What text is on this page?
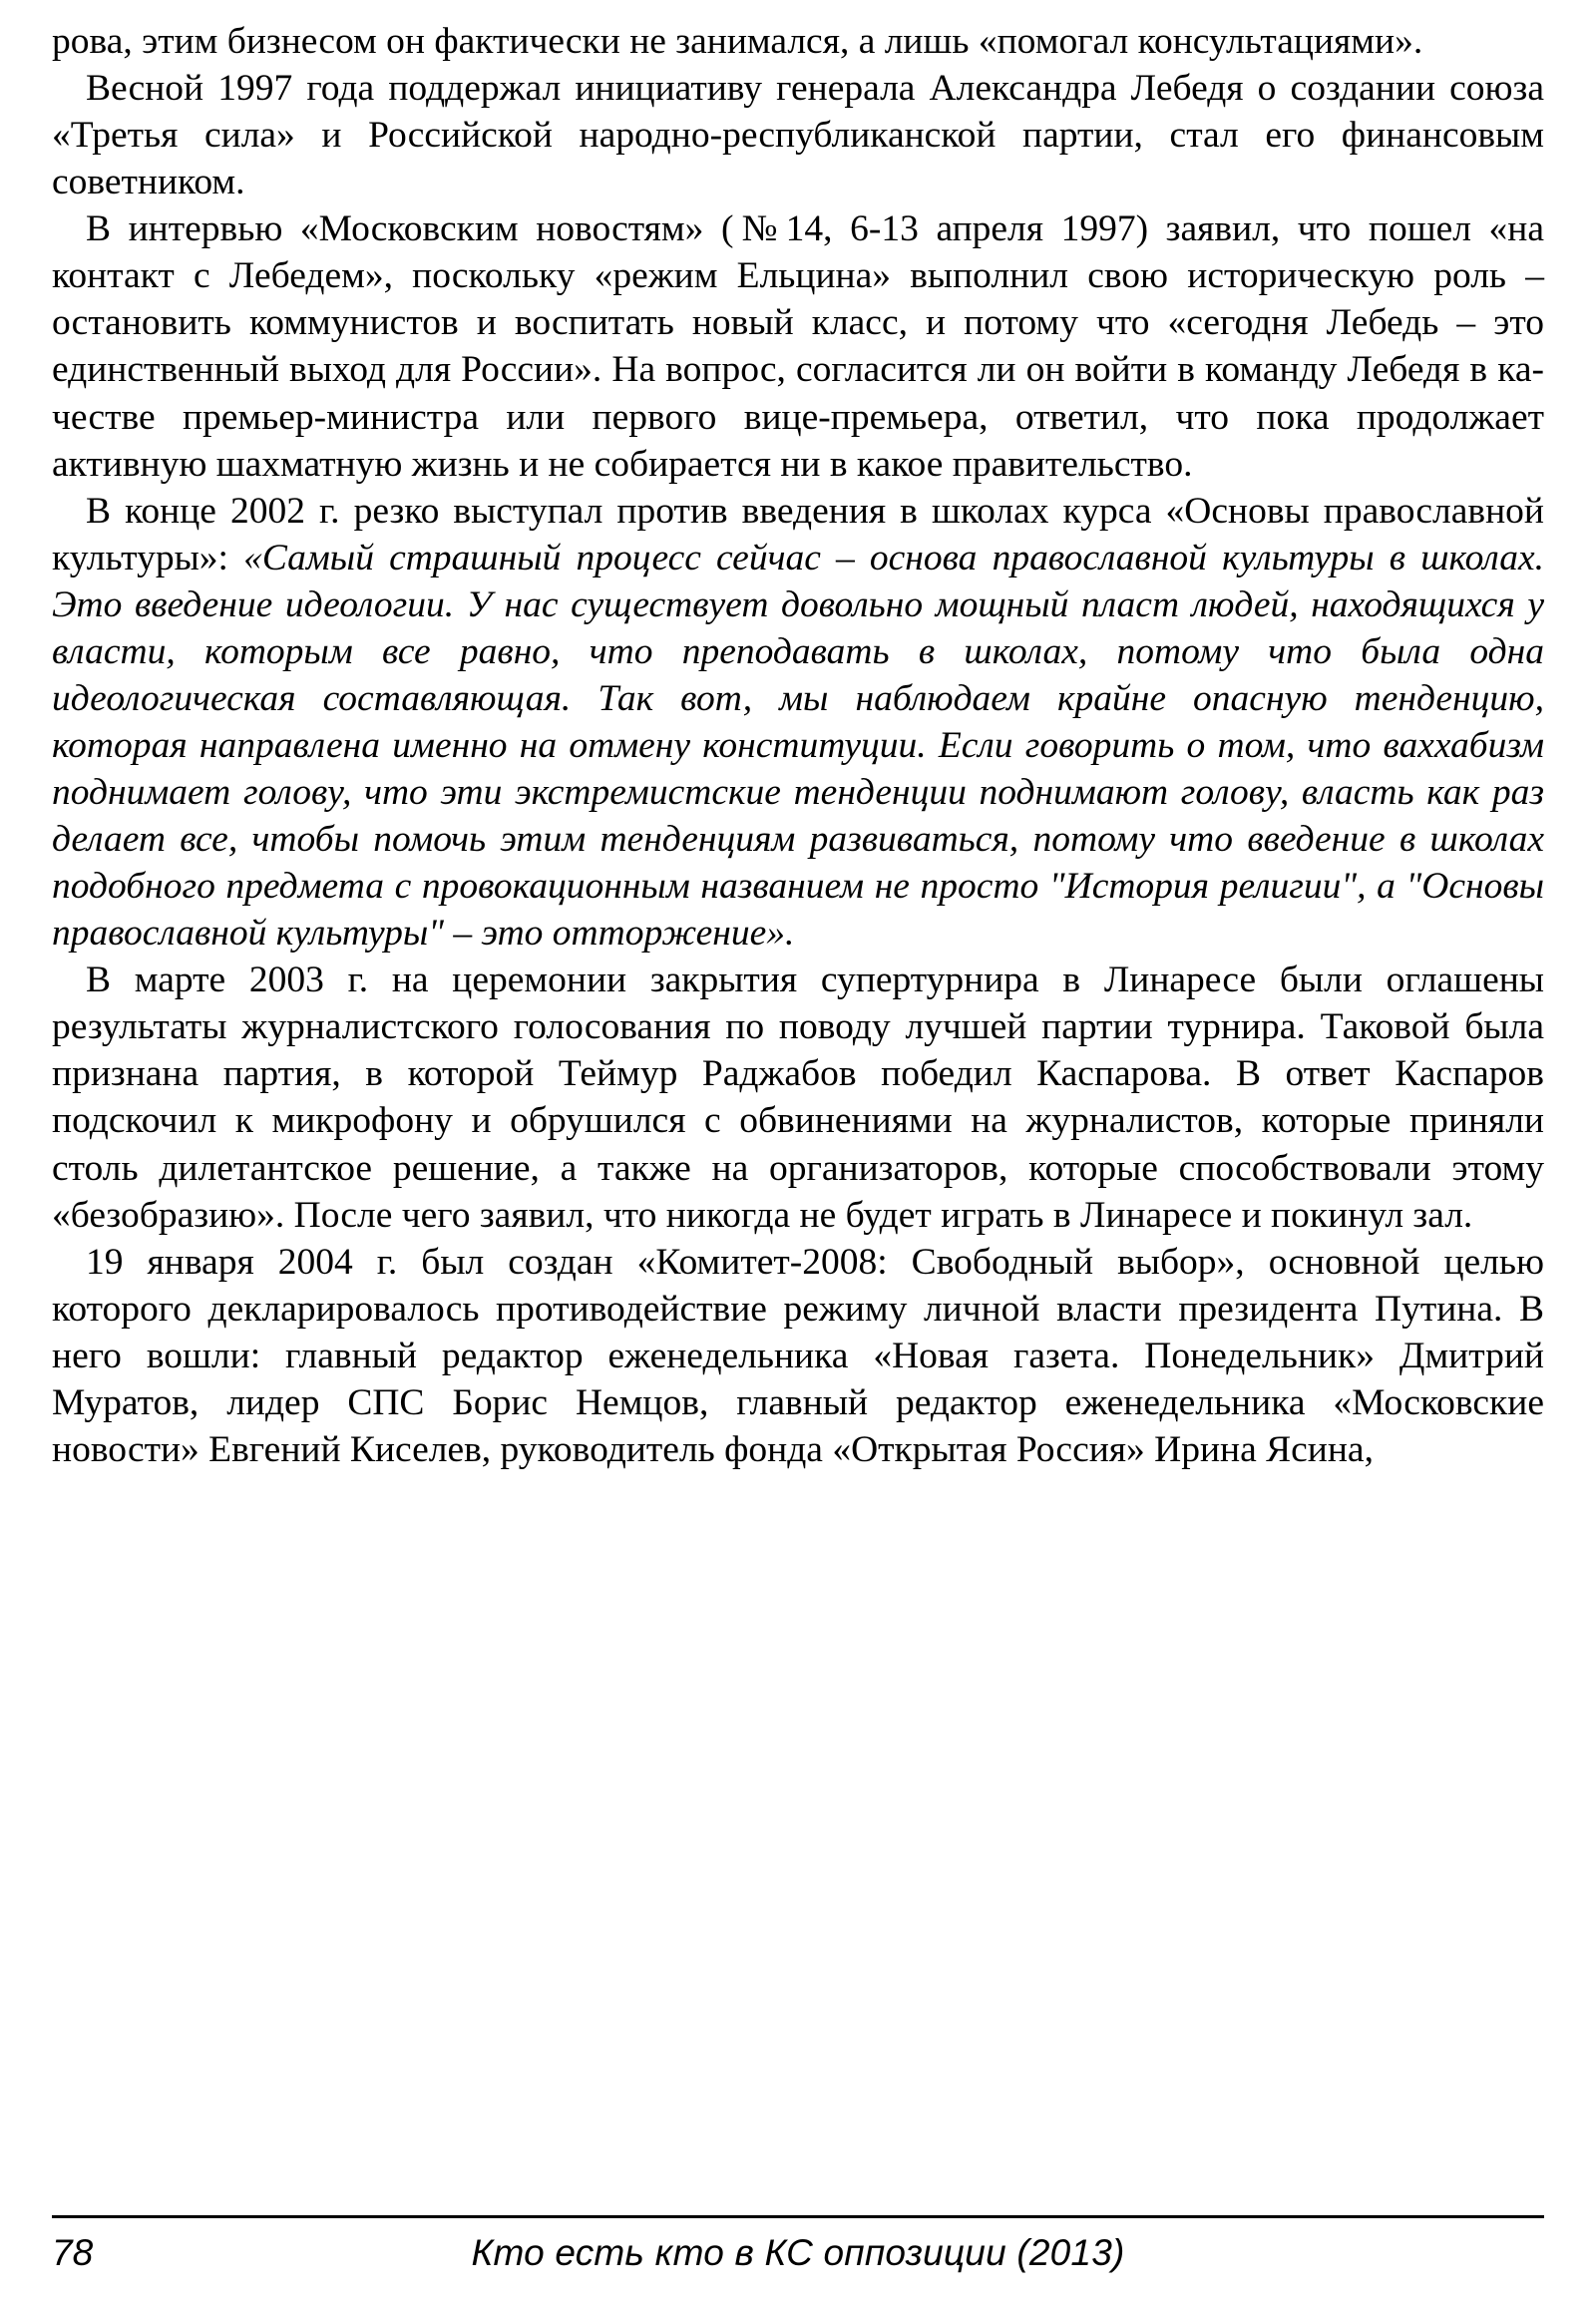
рова, этим бизнесом он фактически не занимался, а лишь «помогал консультациями».

Весной 1997 года поддержал инициативу генерала Александра Лебедя о создании союза «Третья сила» и Российской народно-республиканской партии, стал его финансовым советником.

В интервью «Московским новостям» (№14, 6-13 апреля 1997) заявил, что пошел «на контакт с Лебедем», поскольку «режим Ельцина» выполнил свою историческую роль – остановить коммунистов и воспитать новый класс, и потому что «сегодня Лебедь – это единственный выход для России». На вопрос, согласится ли он войти в команду Лебедя в качестве премьер-министра или первого вице-премьера, ответил, что пока продолжает активную шахматную жизнь и не собирается ни в какое правительство.

В конце 2002 г. резко выступал против введения в школах курса «Основы православной культуры»: «Самый страшный процесс сейчас – основа православной культуры в школах. Это введение идеологии. У нас существует довольно мощный пласт людей, находящихся у власти, которым все равно, что преподавать в школах, потому что была одна идеологическая составляющая. Так вот, мы наблюдаем крайне опасную тенденцию, которая направлена именно на отмену конституции. Если говорить о том, что ваххабизм поднимает голову, что эти экстремистские тенденции поднимают голову, власть как раз делает все, чтобы помочь этим тенденциям развиваться, потому что введение в школах подобного предмета с провокационным названием не просто "История религии", а "Основы православной культуры" – это отторжение».

В марте 2003 г. на церемонии закрытия супертурнира в Линаресе были оглашены результаты журналистского голосования по поводу лучшей партии турнира. Таковой была признана партия, в которой Теймур Раджабов победил Каспарова. В ответ Каспаров подскочил к микрофону и обрушился с обвинениями на журналистов, которые приняли столь дилетантское решение, а также на организаторов, которые способствовали этому «безобразию». После чего заявил, что никогда не будет играть в Линаресе и покинул зал.

19 января 2004 г. был создан «Комитет-2008: Свободный выбор», основной целью которого декларировалось противодействие режиму личной власти президента Путина. В него вошли: главный редактор еженедельника «Новая газета. Понедельник» Дмитрий Муратов, лидер СПС Борис Немцов, главный редактор еженедельника «Московские новости» Евгений Киселев, руководитель фонда «Открытая Россия» Ирина Ясина,

78	Кто есть кто в КС оппозиции (2013)
